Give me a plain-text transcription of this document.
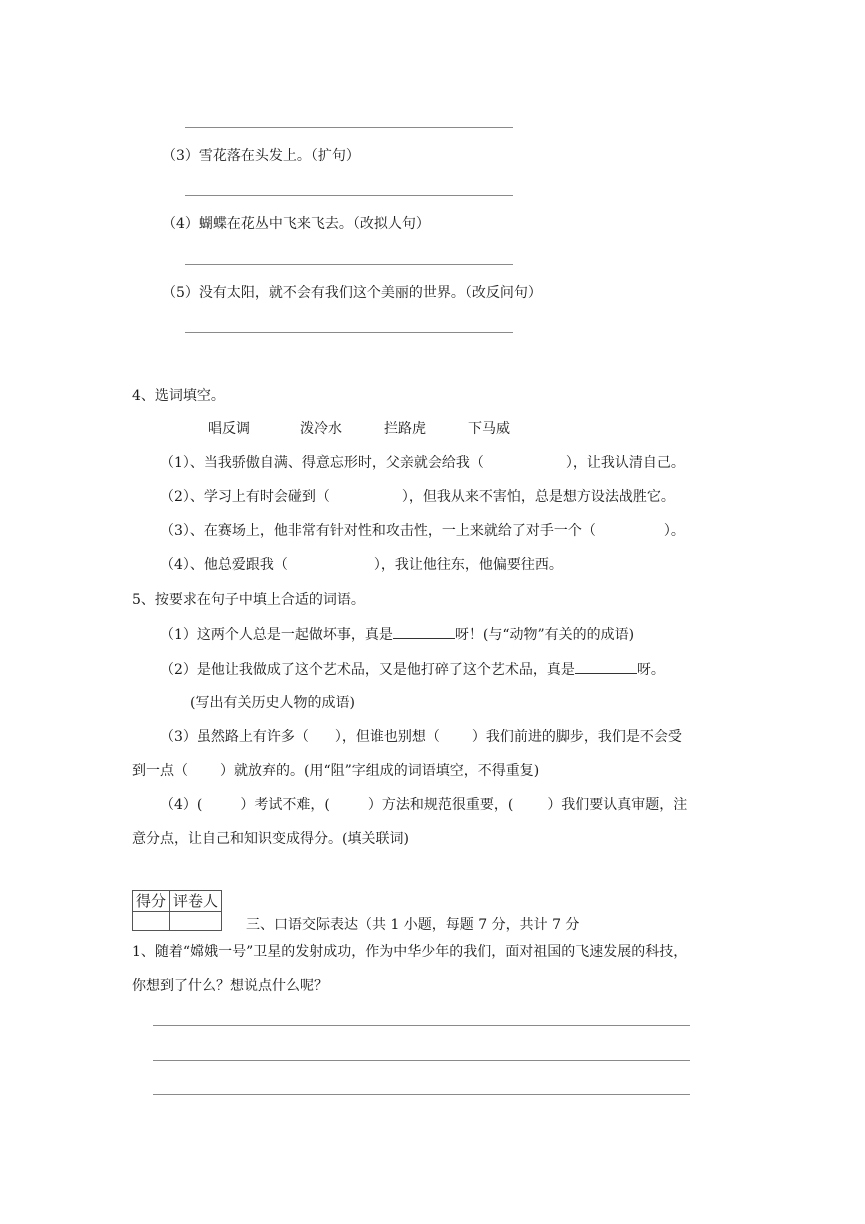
（3）雪花落在头发上。（扩句）
（4）蝴蝶在花丛中飞来飞去。（改拟人句）
（5）没有太阳，就不会有我们这个美丽的世界。（改反问句）
4、选词填空。
唱反调	泼冷水	拦路虎	下马威
（1）、当我骄傲自满、得意忘形时，父亲就会给我（	），让我认清自己。
（2）、学习上有时会碰到（	），但我从来不害怕，总是想方设法战胜它。
（3）、在赛场上，他非常有针对性和攻击性，一上来就给了对手一个（	）。
（4）、他总爱跟我（	），我让他往东，他偏要往西。
5、按要求在句子中填上合适的词语。
（1）这两个人总是一起做坏事，真是	呀！(与“动物”有关的的成语)
（2）是他让我做成了这个艺术品，又是他打碎了这个艺术品，真是	呀。
(写出有关历史人物的成语)
（3）虽然路上有许多（ ），但谁也别想（ ）我们前进的脚步，我们是不会受
到一点（ ）就放弃的。(用“阻”字组成的词语填空，不得重复)
（4）(	）考试不难，(	）方法和规范很重要，( ）我们要认真审题，注
意分点，让自己和知识变成得分。(填关联词)
得分	评卷人

三、口语交际表达（共 1 小题，每题 7 分，共计 7 分
1、随着“嫦娥一号”卫星的发射成功，作为中华少年的我们，面对祖国的飞速发展的科技，
你想到了什么？想说点什么呢？
